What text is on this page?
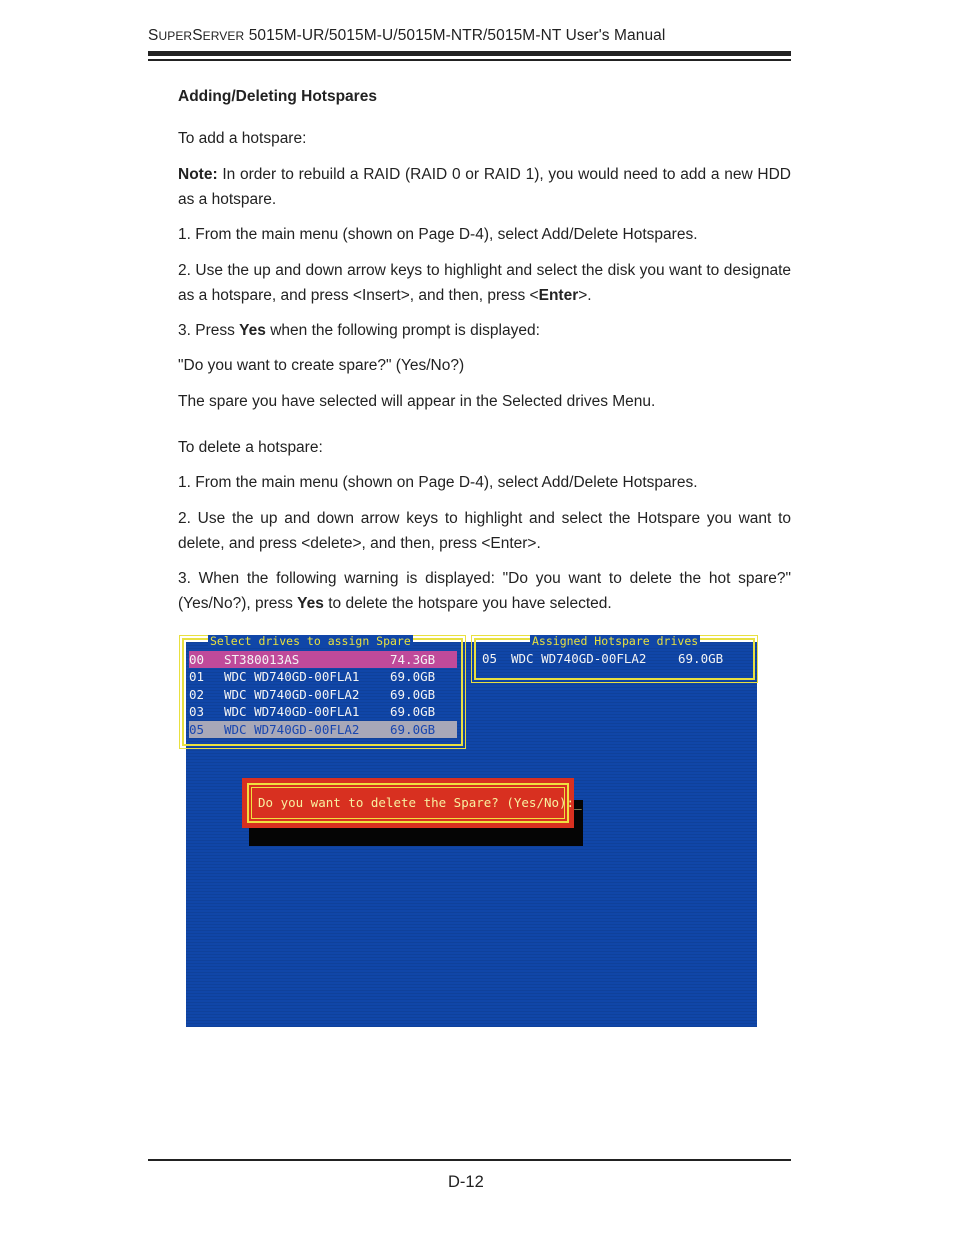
SUPERSERVER 5015M-UR/5015M-U/5015M-NTR/5015M-NT User's Manual
Adding/Deleting Hotspares

To add a hotspare:

Note: In order to rebuild a RAID (RAID 0 or RAID 1), you would need to add a new HDD as a hotspare.

1. From the main menu (shown on Page D-4), select Add/Delete Hotspares.

2. Use the up and down arrow keys to highlight and select the disk you want to designate as a hotspare, and press <Insert>, and then, press <Enter>.

3. Press Yes when the following prompt is displayed:

"Do you want to create spare?" (Yes/No?)

The spare you have selected will appear in the Selected drives Menu.

To delete a hotspare:

1. From the main menu (shown on Page D-4), select Add/Delete Hotspares.

2. Use the up and down arrow keys to highlight and select the Hotspare you want to delete, and press <delete>, and then, press <Enter>.

3. When the following warning is displayed: "Do you want to delete the hot spare?" (Yes/No?), press Yes to delete the hotspare you have selected.

Select drives to assign Spare

00

ST380013AS

	74.3GB

01

WDC WD740GD-00FLA1

69.0GB

02

WDC WD740GD-00FLA2

69.0GB

03

WDC WD740GD-00FLA1

69.0GB

05

WDC WD740GD-00FLA2

69.0GB

Assigned Hotspare drives

05

WDC WD740GD-00FLA2

	69.0GB

Do you want to delete the Spare? (Yes/No):_
D-12
